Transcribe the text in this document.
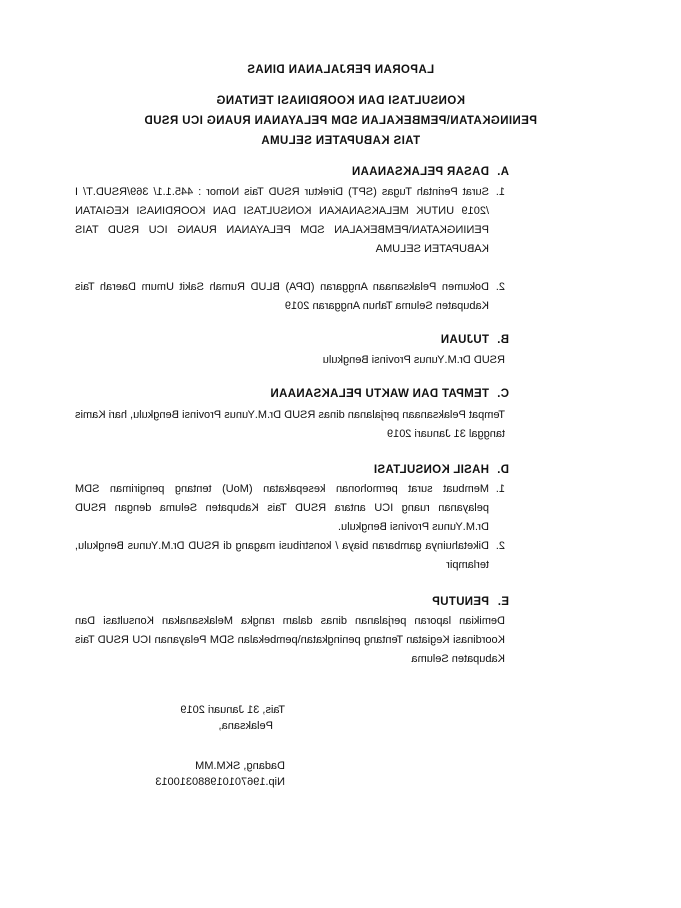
LAPORAN PERJALANAN DINAS
KONSULTASI DAN KOORDINASI TENTANG
PENINGKATAN\PEMBEKALAN SDM PELAYANAN RUANG ICU RSUD
TAIS KABUPATEN SELUMA
A.DASAR PELAKSANAAN
1.
Surat Perintah Tugas (SPT) Direktur RSUD Tais Nomor : 445.1.1/ 369/RSUD.T/ I /2019 UNTUK MELAKSANAKAN KONSULTASI DAN KOORDINASI KEGIATAN PENINGKATAN\PEMBEKALAN SDM PELAYANAN RUANG ICU RSUD TAIS KABUPATEN SELUMA
2.
Dokumen Pelaksanaan Anggaran (DPA) BLUD Rumah Sakit Umum Daerah Tais Kabupaten Seluma Tahun Anggaran 2019
B.TUJUAN
RSUD Dr.M.Yunus Provinsi Bengkulu
C.TEMPAT DAN WAKTU PELAKSANAAN
Tempat Pelaksanaan perjalanan dinas RSUD Dr.M.Yunus Provinsi Bengkulu, hari Kamis tanggal 31 Januari 2019
D.HASIL KONSULTASI
1.
Membuat surat permohonan kesepakatan (MoU) tentang pengiriman SDM pelayanan ruang ICU antara RSUD Tais Kabupaten Seluma dengan RSUD Dr.M.Yunus Provinsi Bengkulu.
2.
Diketahuinya gambaran biaya / konstribusi magang di RSUD Dr.M.Yunus Bengkulu, terlampir
E.PENUTUP
Demikian laporan perjalanan dinas dalam rangka Melaksanakan Konsultasi Dan Koordinasi Kegiatan Tentang peningkatan\pembekalan SDM Pelayanan ICU RSUD Tais Kabupaten Seluma
Tais, 31 Januari 2019
Pelaksana,
Dadang, SKM.MM
Nip.196701019880310013
